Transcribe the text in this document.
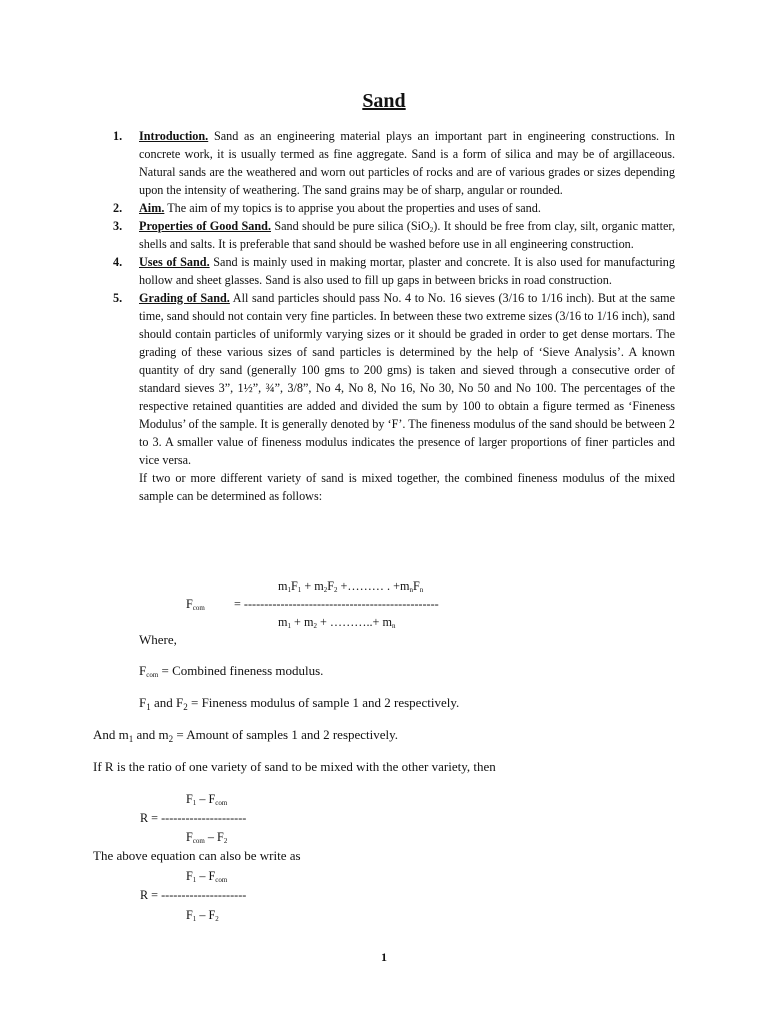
Sand

1. Introduction. Sand as an engineering material plays an important part in engineering constructions. In concrete work, it is usually termed as fine aggregate. Sand is a form of silica and may be of argillaceous. Natural sands are the weathered and worn out particles of rocks and are of various grades or sizes depending upon the intensity of weathering. The sand grains may be of sharp, angular or rounded.

2. Aim. The aim of my topics is to apprise you about the properties and uses of sand.

3. Properties of Good Sand. Sand should be pure silica (SiO$_2$). It should be free from clay, silt, organic matter, shells and salts. It is preferable that sand should be washed before use in all engineering construction.

4. Uses of Sand. Sand is mainly used in making mortar, plaster and concrete. It is also used for manufacturing hollow and sheet glasses. Sand is also used to fill up gaps in between bricks in road construction.

5. Grading of Sand. All sand particles should pass No. 4 to No. 16 sieves (3/16 to 1/16 inch). But at the same time, sand should not contain very fine particles. In between these two extreme sizes (3/16 to 1/16 inch), sand should contain particles of uniformly varying sizes or it should be graded in order to get dense mortars. The grading of these various sizes of sand particles is determined by the help of ‘Sieve Analysis’. A known quantity of dry sand (generally 100 gms to 200 gms) is taken and sieved through a consecutive order of standard sieves 3”, 1½”, ¾”, 3/8”, No 4, No 8, No 16, No 30, No 50 and No 100. The percentages of the respective retained quantities are added and divided the sum by 100 to obtain a figure termed as ‘Fineness Modulus’ of the sample. It is generally denoted by ‘F’. The fineness modulus of the sand should be between 2 to 3. A smaller value of fineness modulus indicates the presence of larger proportions of finer particles and vice versa.

If two or more different variety of sand is mixed together, the combined fineness modulus of the mixed sample can be determined as follows:

$m_1F_1 + m_2F_2$ +……… . $+m_nF_n$
$F_{com}$ = ------------------------------------------------
$m_1 + m_2$ + ………..+ $m_n$
Where,
$F_{com}$ = Combined fineness modulus.
$F_1$ and $F_2$ = Fineness modulus of sample 1 and 2 respectively.
And $m_1$ and $m_2$ = Amount of samples 1 and 2 respectively.
If R is the ratio of one variety of sand to be mixed with the other variety, then
$F_1 - F_{com}$
R = ---------------------
$F_{com} - F_2$
The above equation can also be write as
$F_1 - F_{com}$
R = ---------------------
$F_1 - F_2$
1
